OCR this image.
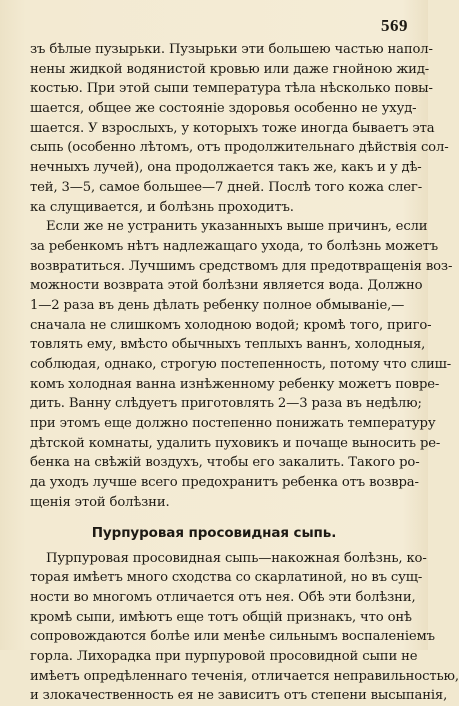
569
зъ бѣлые пузырьки. Пузырьки эти большею частью напол-
нены жидкой водянистой кровью или даже гнойною жид-
костью. При этой сыпи температура тѣла нѣсколько повы-
шается, общее же состояніе здоровья особенно не ухуд-
шается. У взрослыхъ, у которыхъ тоже иногда бываетъ эта
сыпь (особенно лѣтомъ, отъ продолжительнаго дѣйствія сол-
нечныхъ лучей), она продолжается такъ же, какъ и у дѣ-
тей, 3—5, самое большее—7 дней. Послѣ того кожа слег-
ка слущивается, и болѣзнь проходитъ.
Если же не устранить указанныхъ выше причинъ, если
за ребенкомъ нѣтъ надлежащаго ухода, то болѣзнь можетъ
возвратиться. Лучшимъ средствомъ для предотвращенія воз-
можности возврата этой болѣзни является вода. Должно
1—2 раза въ день дѣлать ребенку полное обмываніе,—
сначала не слишкомъ холодною водой; кромѣ того, приго-
товлять ему, вмѣсто обычныхъ теплыхъ ваннъ, холодныя,
соблюдая, однако, строгую постепенность, потому что слиш-
комъ холодная ванна изнѣженному ребенку можетъ повре-
дить. Ванну слѣдуетъ приготовлять 2—3 раза въ недѣлю;
при этомъ еще должно постепенно понижать температуру
дѣтской комнаты, удалить пуховикъ и почаще выносить ре-
бенка на свѣжій воздухъ, чтобы его закалить. Такого ро-
да уходъ лучше всего предохранитъ ребенка отъ возвра-
щенія этой болѣзни.
Пурпуровая просовидная сыпь.
Пурпуровая просовидная сыпь—накожная болѣзнь, ко-
торая имѣетъ много сходства со скарлатиной, но въ сущ-
ности во многомъ отличается отъ нея. Обѣ эти болѣзни,
кромѣ сыпи, имѣютъ еще тотъ общій признакъ, что онѣ
сопровождаются болѣе или менѣе сильнымъ воспаленіемъ
горла. Лихорадка при пурпуровой просовидной сыпи не
имѣетъ опредѣленнаго теченія, отличается неправильностью,
и злокачественность ея не зависитъ отъ степени высыпанія,
